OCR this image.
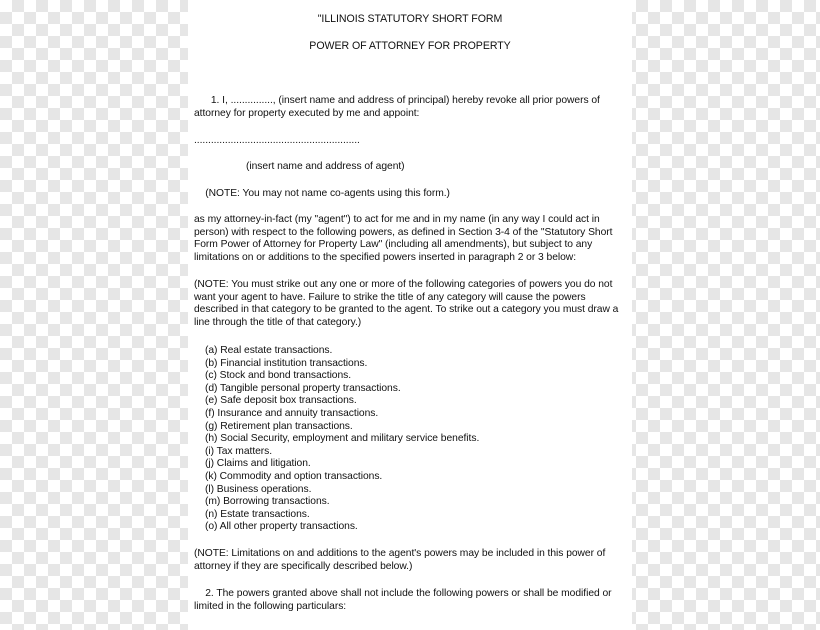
"ILLINOIS STATUTORY SHORT FORM

POWER OF ATTORNEY FOR PROPERTY

1. I, ..............., (insert name and address of principal) hereby revoke all prior powers of attorney for property executed by me and appoint:

...........................................................

(insert name and address of agent)

(NOTE: You may not name co-agents using this form.)

as my attorney-in-fact (my "agent") to act for me and in my name (in any way I could act in person) with respect to the following powers, as defined in Section 3-4 of the "Statutory Short Form Power of Attorney for Property Law" (including all amendments), but subject to any limitations on or additions to the specified powers inserted in paragraph 2 or 3 below:

(NOTE: You must strike out any one or more of the following categories of powers you do not want your agent to have. Failure to strike the title of any category will cause the powers described in that category to be granted to the agent. To strike out a category you must draw a line through the title of that category.)

(a) Real estate transactions.
(b) Financial institution transactions.
(c) Stock and bond transactions.
(d) Tangible personal property transactions.
(e) Safe deposit box transactions.
(f) Insurance and annuity transactions.
(g) Retirement plan transactions.
(h) Social Security, employment and military service benefits.
(i) Tax matters.
(j) Claims and litigation.
(k) Commodity and option transactions.
(l) Business operations.
(m) Borrowing transactions.
(n) Estate transactions.
(o) All other property transactions.

(NOTE: Limitations on and additions to the agent's powers may be included in this power of attorney if they are specifically described below.)

2. The powers granted above shall not include the following powers or shall be modified or limited in the following particulars:
